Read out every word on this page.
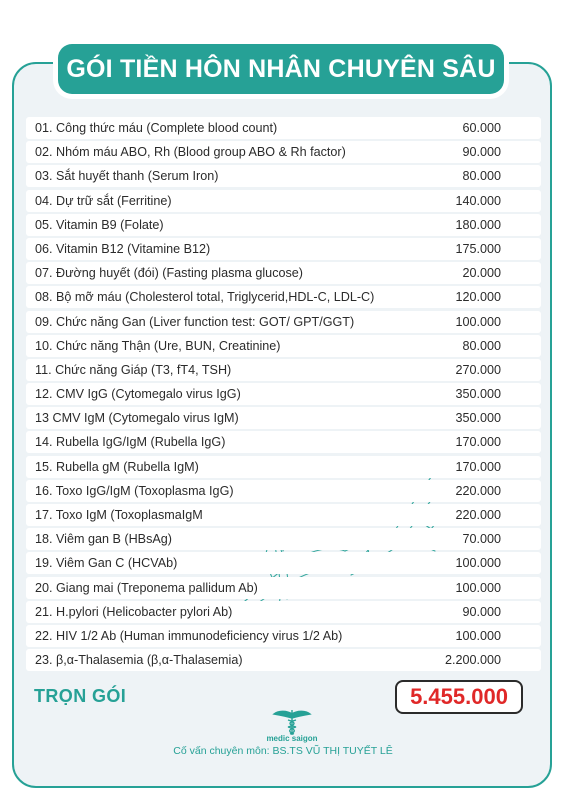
GÓI TIỀN HÔN NHÂN CHUYÊN SÂU
01. Công thức máu (Complete blood count)	60.000
02. Nhóm máu ABO, Rh (Blood group ABO & Rh factor)	90.000
03. Sắt huyết thanh (Serum Iron)	80.000
04. Dự trữ sắt (Ferritine)	140.000
05. Vitamin B9 (Folate)	180.000
06. Vitamin B12 (Vitamine B12)	175.000
07. Đường huyết (đói) (Fasting plasma glucose)	20.000
08. Bộ mỡ máu (Cholesterol total, Triglycerid,HDL-C, LDL-C)	120.000
09. Chức năng Gan (Liver function test: GOT/ GPT/GGT)	100.000
10. Chức năng Thận (Ure, BUN, Creatinine)	80.000
11. Chức năng Giáp (T3, fT4, TSH)	270.000
12. CMV IgG (Cytomegalo virus IgG)	350.000
13 CMV IgM (Cytomegalo virus IgM)	350.000
14. Rubella IgG/IgM (Rubella IgG)	170.000
15. Rubella gM (Rubella IgM)	170.000
16. Toxo IgG/IgM (Toxoplasma IgG)	220.000
17. Toxo IgM (ToxoplasmaIgM	220.000
18. Viêm gan B (HBsAg)	70.000
19. Viêm Gan C (HCVAb)	100.000
20. Giang mai (Treponema pallidum Ab)	100.000
21. H.pylori (Helicobacter pylori Ab)	90.000
22. HIV 1/2 Ab (Human immunodeficiency virus 1/2 Ab)	100.000
23. β,α-Thalasemia (β,α-Thalasemia)	2.200.000
TRỌN GÓI	5.455.000
medic saigon
Cố vấn chuyên môn: BS.TS VŨ THỊ TUYẾT LÊ
